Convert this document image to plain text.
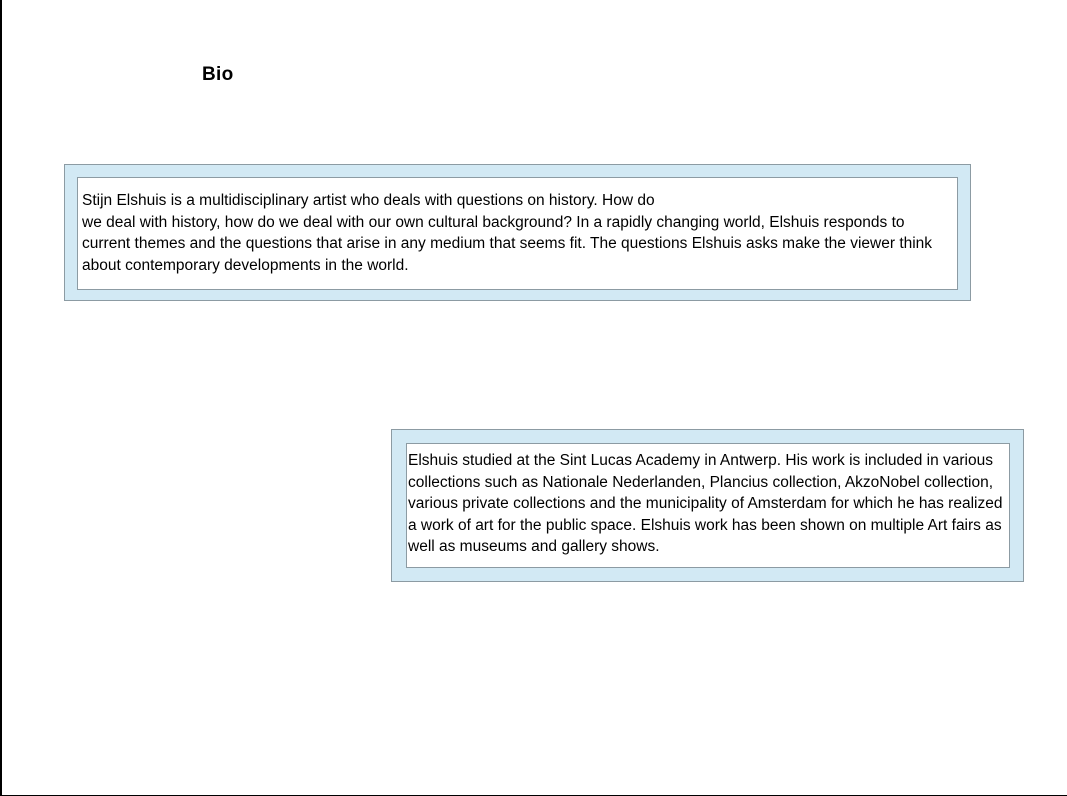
Bio

Stijn Elshuis is a multidisciplinary artist who deals with questions on history. How do
we deal with history, how do we deal with our own cultural background? In a rapidly changing world, Elshuis responds to
current themes and the questions that arise in any medium that seems fit. The questions Elshuis asks make the viewer think
about contemporary developments in the world.

Elshuis studied at the Sint Lucas Academy in Antwerp. His work is included in various collections such as Nationale Nederlanden, Plancius collection, AkzoNobel collection, various private collections and the municipality of Amsterdam for which he has realized a work of art for the public space. Elshuis work has been shown on multiple Art fairs as well as museums and gallery shows.
